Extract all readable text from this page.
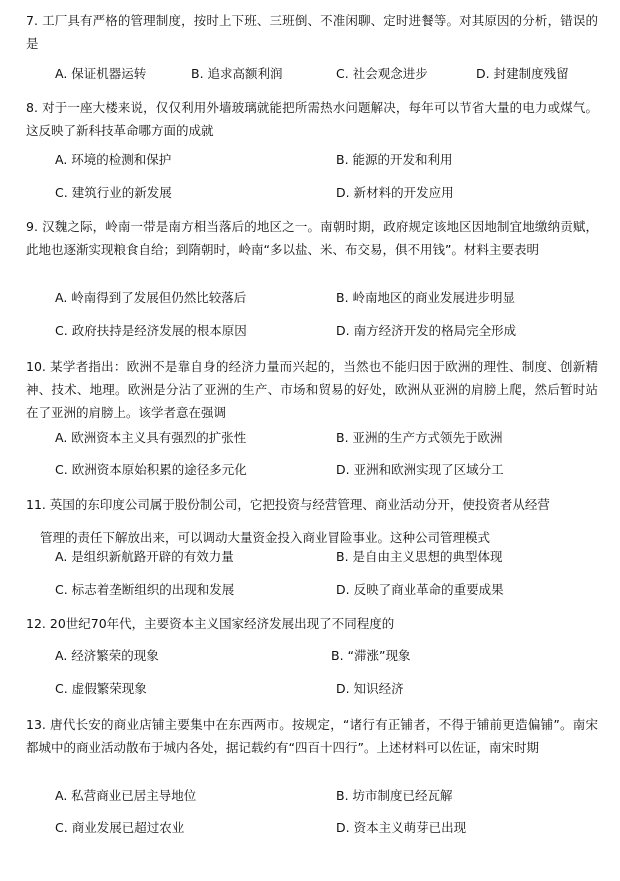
7. 工厂具有严格的管理制度，按时上下班、三班倒、不准闲聊、定时进餐等。对其原因的分析，错误的是

A. 保证机器运转	B. 追求高额利润	C. 社会观念进步	D. 封建制度残留

8. 对于一座大楼来说，仅仅利用外墙玻璃就能把所需热水问题解决，每年可以节省大量的电力或煤气。这反映了新科技革命哪方面的成就

A. 环境的检测和保护	B. 能源的开发和利用
C. 建筑行业的新发展	D. 新材料的开发应用

9. 汉魏之际，岭南一带是南方相当落后的地区之一。南朝时期，政府规定该地区因地制宜地缴纳贡赋，此地也逐渐实现粮食自给；到隋朝时，岭南“多以盐、米、布交易，俱不用钱”。材料主要表明

A. 岭南得到了发展但仍然比较落后	B. 岭南地区的商业发展进步明显
C. 政府扶持是经济发展的根本原因	D. 南方经济开发的格局完全形成

10. 某学者指出：欧洲不是靠自身的经济力量而兴起的，当然也不能归因于欧洲的理性、制度、创新精神、技术、地理。欧洲是分沾了亚洲的生产、市场和贸易的好处，欧洲从亚洲的肩膀上爬，然后暂时站在了亚洲的肩膀上。该学者意在强调

A. 欧洲资本主义具有强烈的扩张性	B. 亚洲的生产方式领先于欧洲
C. 欧洲资本原始积累的途径多元化	D. 亚洲和欧洲实现了区域分工

11. 英国的东印度公司属于股份制公司，它把投资与经营管理、商业活动分开，使投资者从经营

管理的责任下解放出来，可以调动大量资金投入商业冒险事业。这种公司管理模式

A. 是组织新航路开辟的有效力量	B. 是自由主义思想的典型体现
C. 标志着垄断组织的出现和发展	D. 反映了商业革命的重要成果

12. 20世纪70年代，主要资本主义国家经济发展出现了不同程度的

A. 经济繁荣的现象	B. “滞涨”现象
C. 虚假繁荣现象	D. 知识经济

13. 唐代长安的商业店铺主要集中在东西两市。按规定，“诸行有正铺者，不得于铺前更造偏铺”。南宋都城中的商业活动散布于城内各处，据记载约有“四百十四行”。上述材料可以佐证，南宋时期

A. 私营商业已居主导地位	B. 坊市制度已经瓦解
C. 商业发展已超过农业	D. 资本主义萌芽已出现
